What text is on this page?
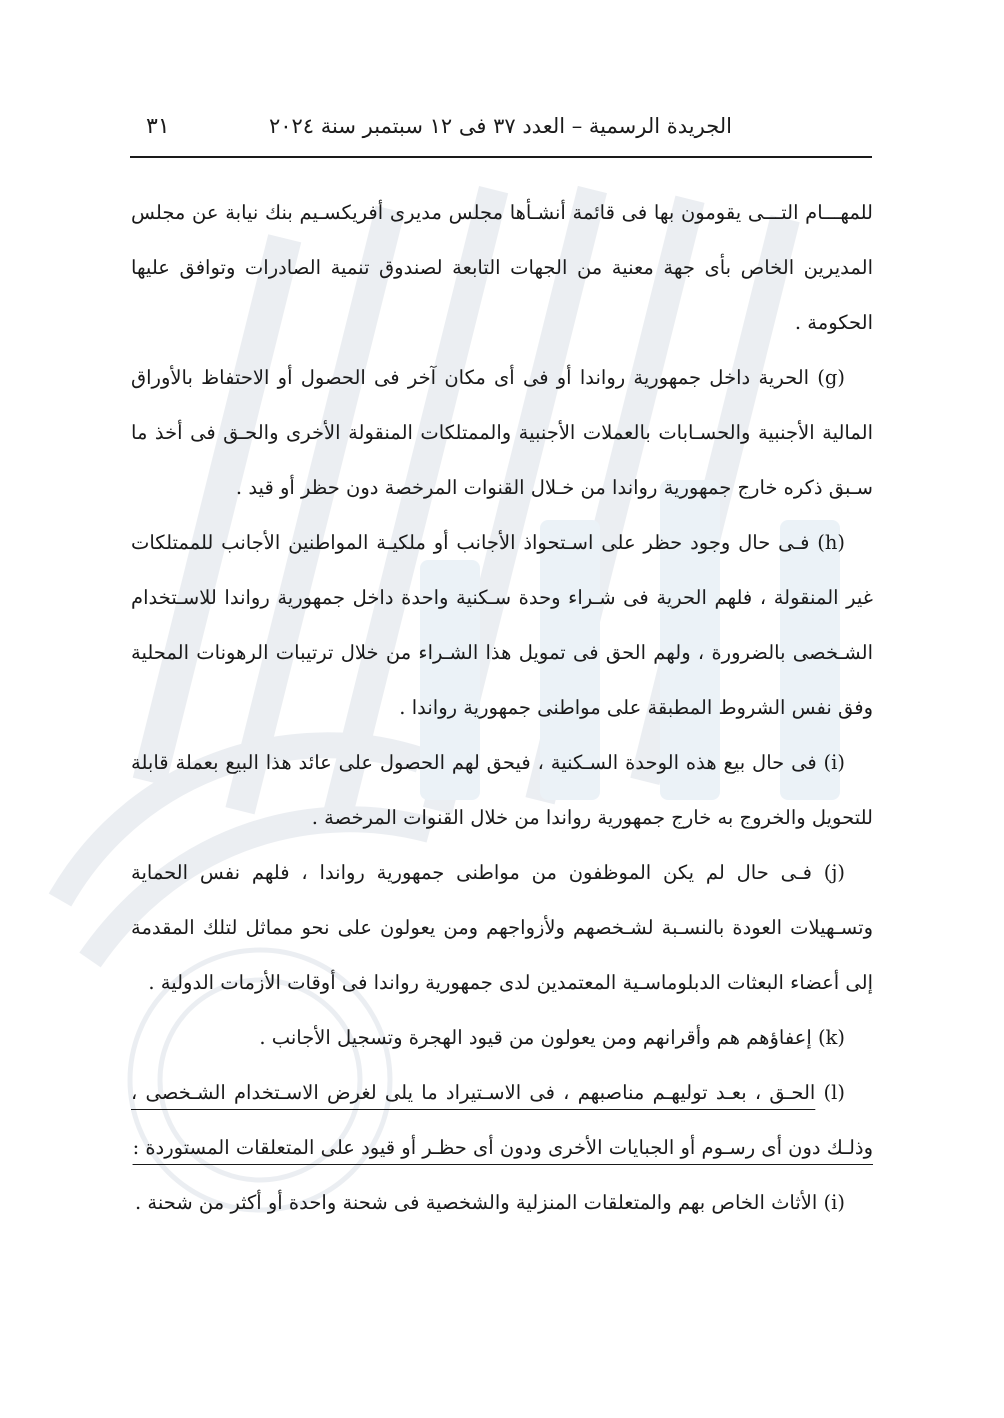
الجريدة الرسمية – العدد ٣٧ فى ١٢ سبتمبر سنة ٢٠٢٤
٣١

للمهـــام التـــى يقومون بها فى قائمة أنشـأها مجلس مديرى أفريكسـيم بنك نيابة عن مجلس المديرين الخاص بأى جهة معنية من الجهات التابعة لصندوق تنمية الصادرات وتوافق عليها الحكومة .

(g) الحرية داخل جمهورية رواندا أو فى أى مكان آخر فى الحصول أو الاحتفاظ بالأوراق المالية الأجنبية والحسـابات بالعملات الأجنبية والممتلكات المنقولة الأخرى والحـق فى أخذ ما سـبق ذكره خارج جمهورية رواندا من خـلال القنوات المرخصة دون حظر أو قيد .

(h) فـى حال وجود حظر على اسـتحواذ الأجانب أو ملكيـة المواطنين الأجانب للممتلكات غير المنقولة ، فلهم الحرية فى شـراء وحدة سـكنية واحدة داخل جمهورية رواندا للاسـتخدام الشـخصى بالضرورة ، ولهم الحق فى تمويل هذا الشـراء من خلال ترتيبات الرهونات المحلية وفق نفس الشروط المطبقة على مواطنى جمهورية رواندا .

(i) فى حال بيع هذه الوحدة السـكنية ، فيحق لهم الحصول على عائد هذا البيع بعملة قابلة للتحويل والخروج به خارج جمهورية رواندا من خلال القنوات المرخصة .

(j) فـى حال لم يكن الموظفون من مواطنى جمهورية رواندا ، فلهم نفس الحماية وتسـهيلات العودة بالنسـبة لشـخصهم ولأزواجهم ومن يعولون على نحو مماثل لتلك المقدمة إلى أعضاء البعثات الدبلوماسـية المعتمدين لدى جمهورية رواندا فى أوقات الأزمات الدولية .

(k) إعفاؤهم هم وأقرانهم ومن يعولون من قيود الهجرة وتسجيل الأجانب .

(l) الحـق ، بعـد توليهـم مناصبهم ، فى الاسـتيراد ما يلى لغرض الاسـتخدام الشـخصى ، وذلـك دون أى رسـوم أو الجبايات الأخرى ودون أى حظـر أو قيود على المتعلقات المستوردة :

(i) الأثاث الخاص بهم والمتعلقات المنزلية والشخصية فى شحنة واحدة أو أكثر من شحنة .
